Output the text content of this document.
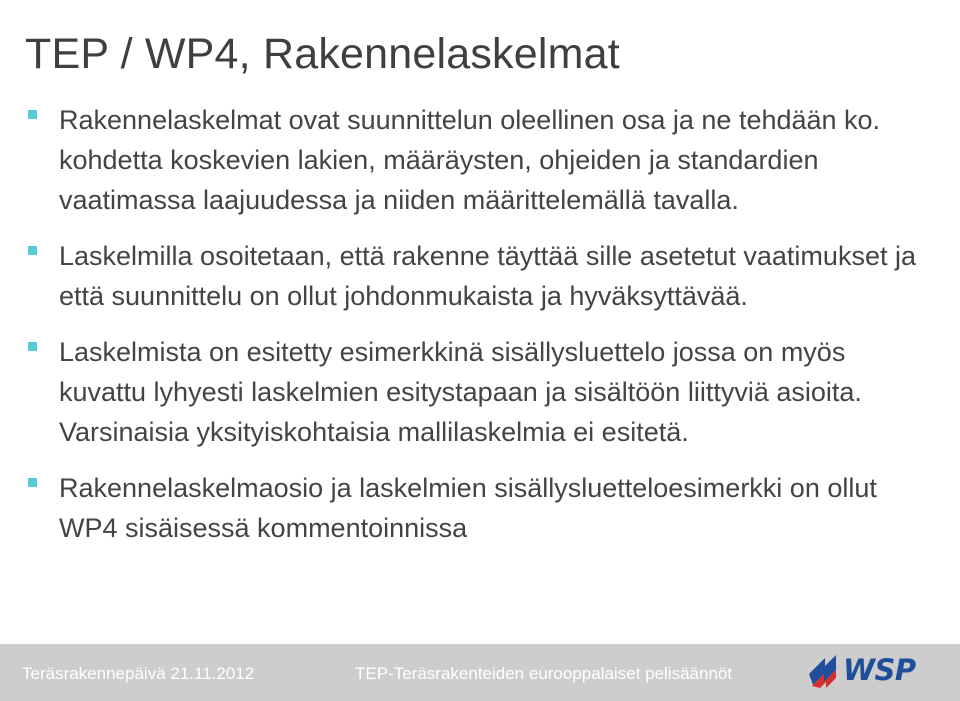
TEP / WP4, Rakennelaskelmat
Rakennelaskelmat ovat suunnittelun oleellinen osa ja ne tehdään ko. kohdetta koskevien lakien, määräysten, ohjeiden ja standardien vaatimassa laajuudessa ja niiden määrittelemällä tavalla.
Laskelmilla osoitetaan, että rakenne täyttää sille asetetut vaatimukset ja että suunnittelu on ollut johdonmukaista ja hyväksyttävää.
Laskelmista on esitetty esimerkkinä sisällysluettelo jossa on myös kuvattu lyhyesti laskelmien esitystapaan ja sisältöön liittyviä asioita. Varsinaisia yksityiskohtaisia mallilaskelmia ei esitetä.
Rakennelaskelmaosio ja laskelmien sisällysluetteloesimerkki on ollut WP4 sisäisessä kommentoinnissa
Teräsrakennepäivä 21.11.2012	TEP-Teräsrakenteiden eurooppalaiset pelisäännöt	WSP
